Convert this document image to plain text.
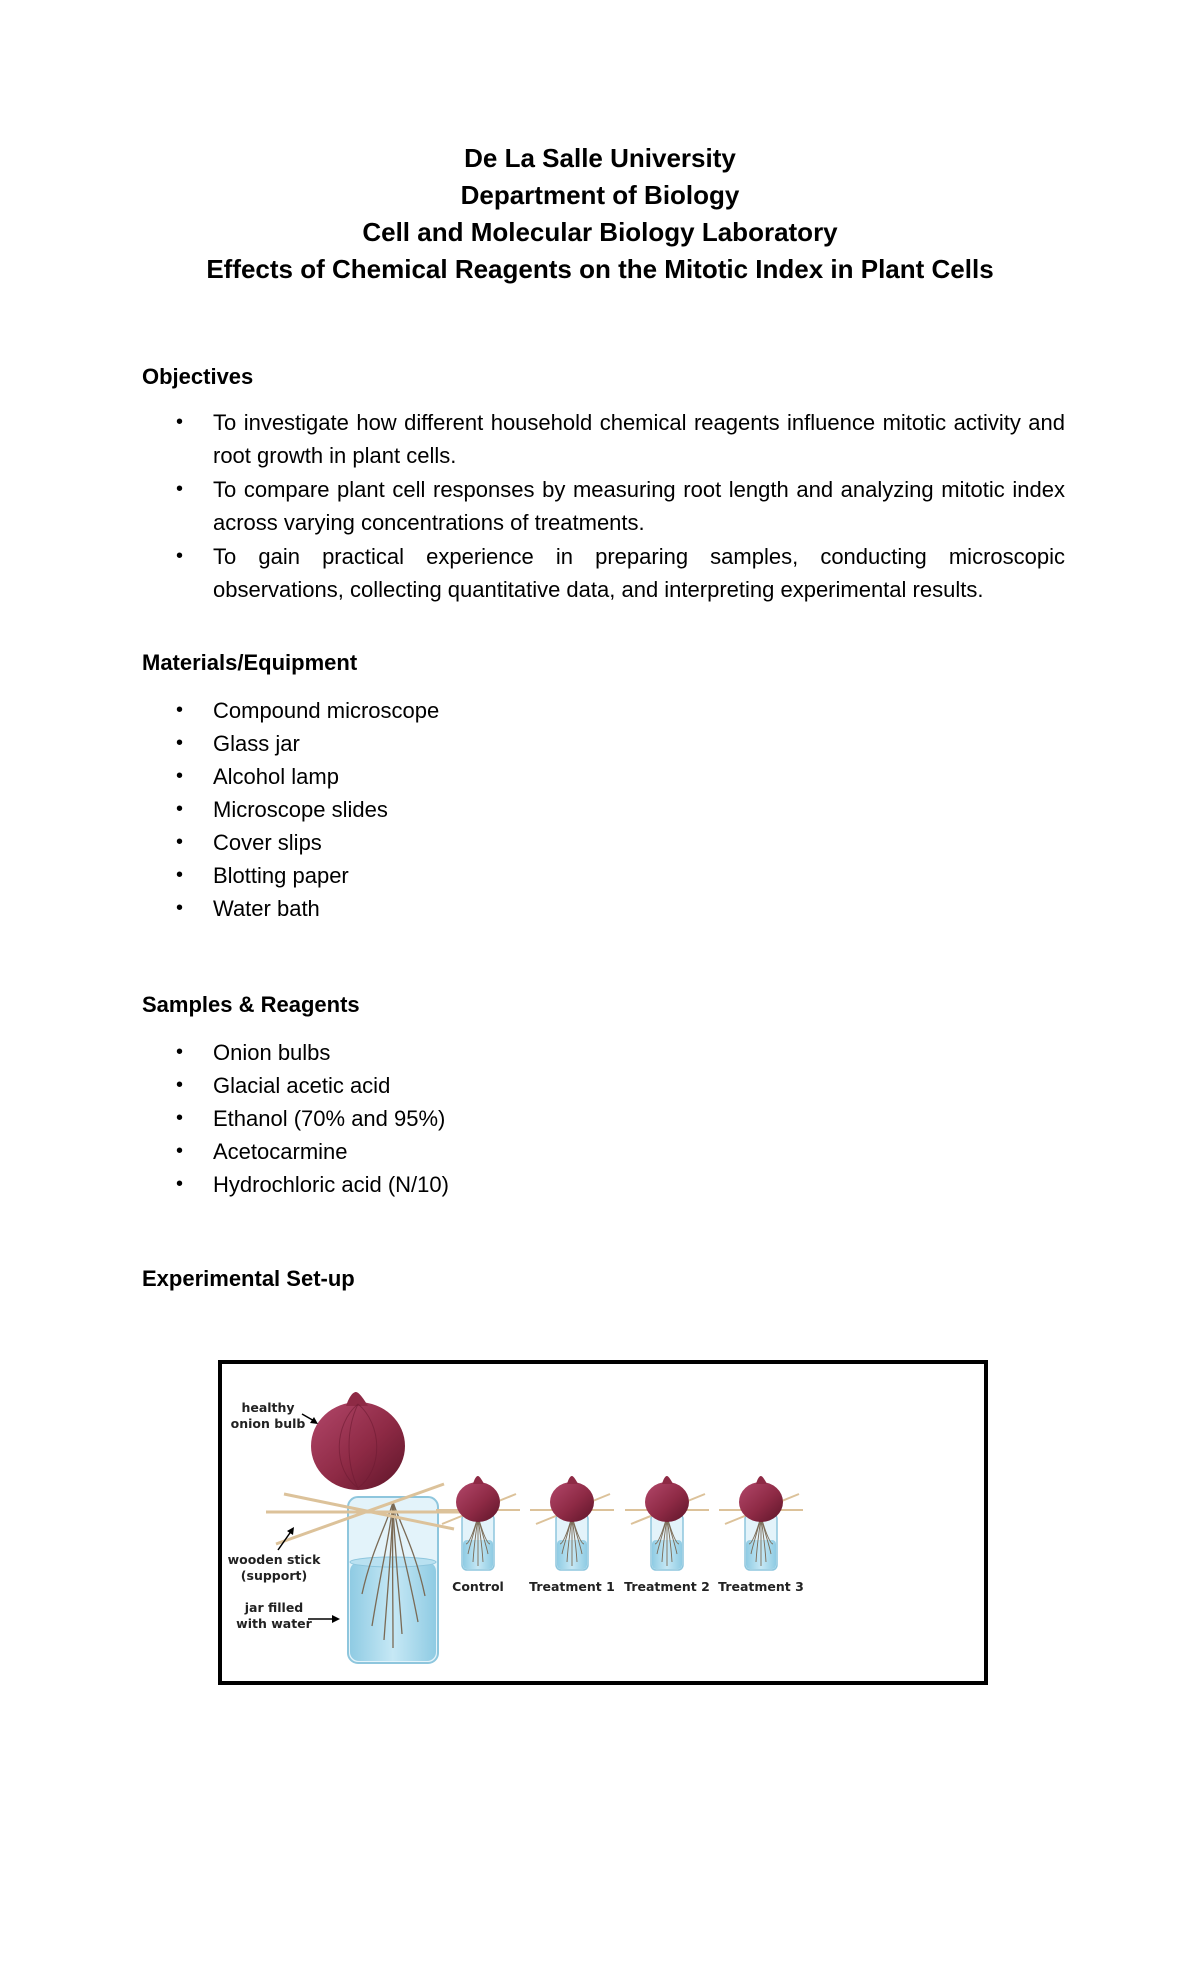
De La Salle University
Department of Biology
Cell and Molecular Biology Laboratory
Effects of Chemical Reagents on the Mitotic Index in Plant Cells
Objectives
• To investigate how different household chemical reagents influence mitotic activity and root growth in plant cells.
• To compare plant cell responses by measuring root length and analyzing mitotic index across varying concentrations of treatments.
• To gain practical experience in preparing samples, conducting microscopic observations, collecting quantitative data, and interpreting experimental results.
Materials/Equipment
• Compound microscope
• Glass jar
• Alcohol lamp
• Microscope slides
• Cover slips
• Blotting paper
• Water bath
Samples & Reagents
• Onion bulbs
• Glacial acetic acid
• Ethanol (70% and 95%)
• Acetocarmine
• Hydrochloric acid (N/10)
Experimental Set-up
healthy
onion bulb
wooden stick
(support)
jar filled
with water
Control Treatment 1 Treatment 2 Treatment 3
